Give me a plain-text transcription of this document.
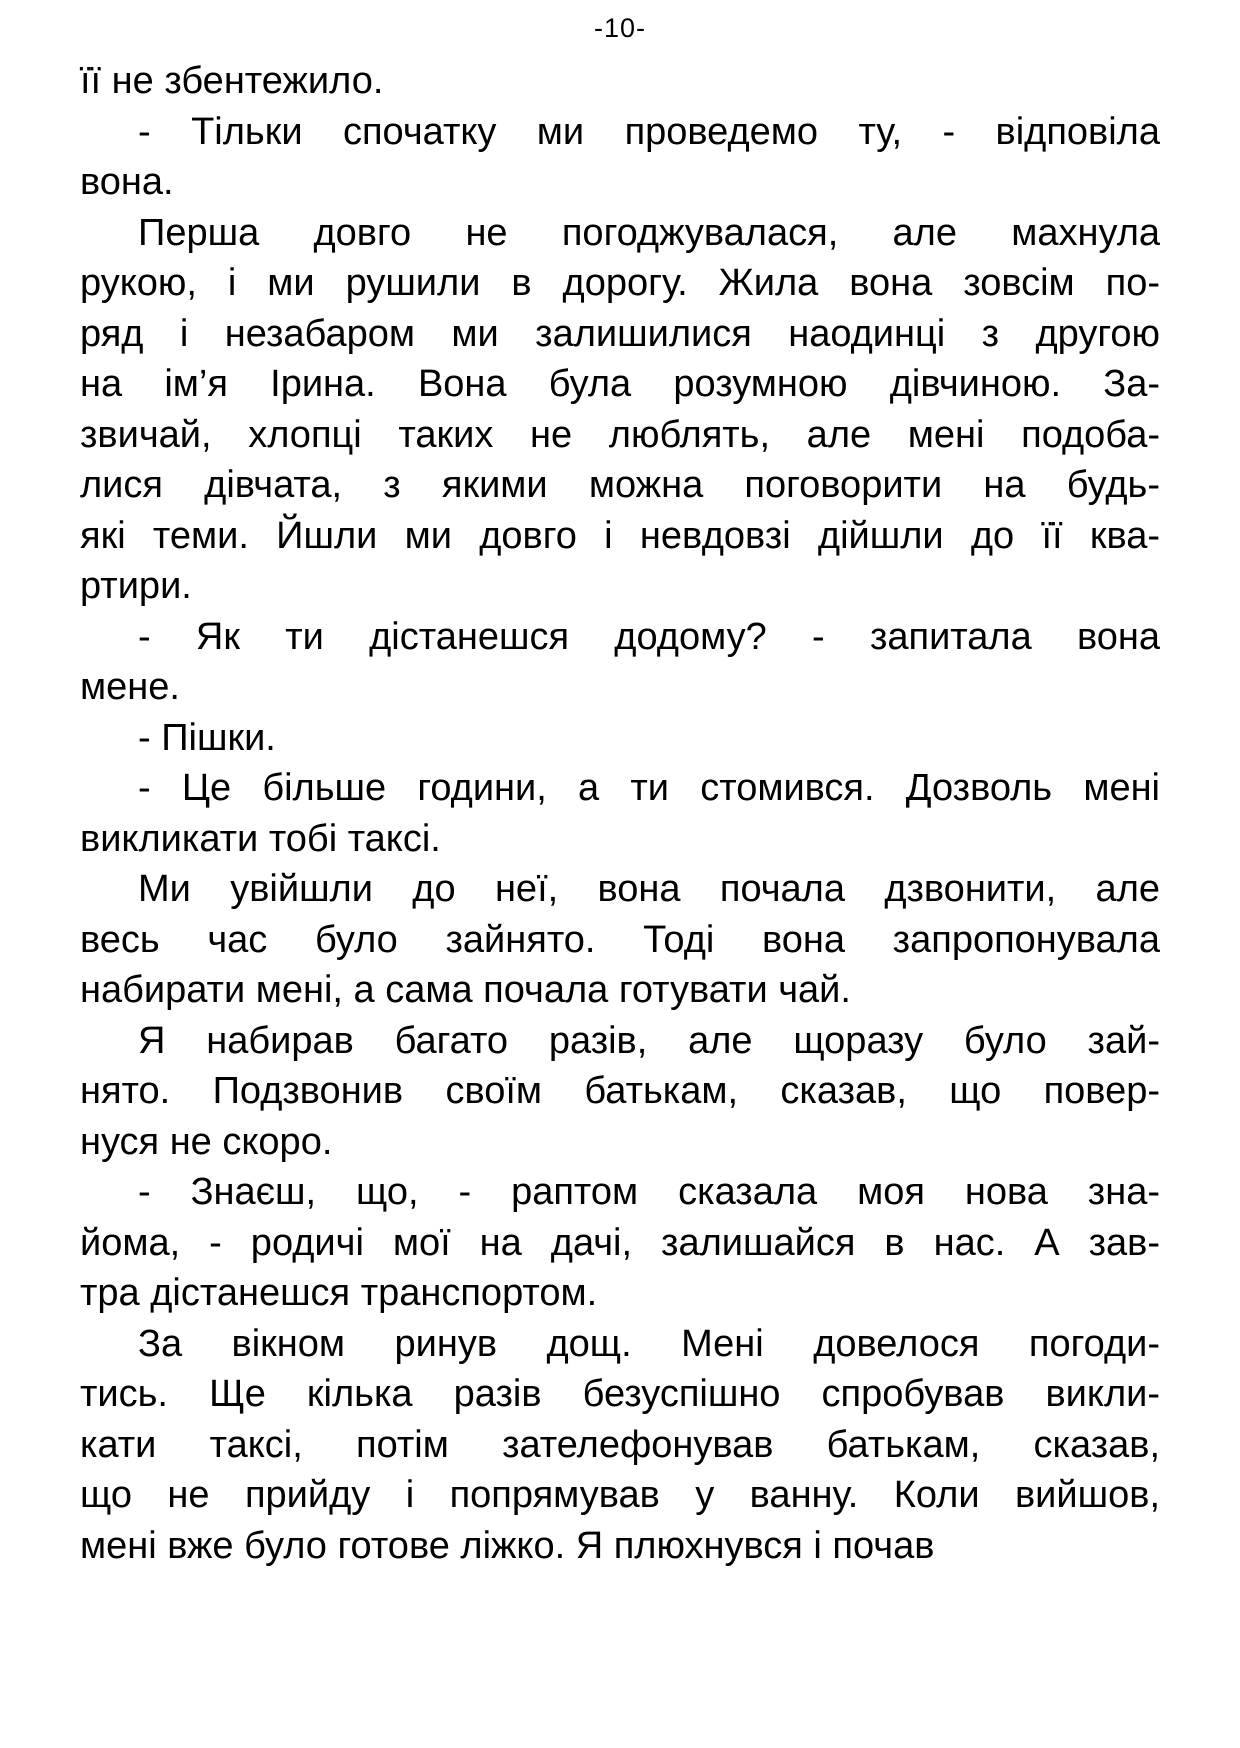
-10-
її не збентежило.
- Тільки спочатку ми проведемо ту, - відповіла
вона.
Перша довго не погоджувалася, але махнула
рукою, і ми рушили в дорогу. Жила вона зовсім по-
ряд і незабаром ми залишилися наодинці з другою
на ім’я Ірина. Вона була розумною дівчиною. За-
звичай, хлопці таких не люблять, але мені подоба-
лися дівчата, з якими можна поговорити на будь-
які теми. Йшли ми довго і невдовзі дійшли до її ква-
ртири.
- Як ти дістанешся додому? - запитала вона
мене.
- Пішки.
- Це більше години, а ти стомився. Дозволь мені
викликати тобі таксі.
Ми увійшли до неї, вона почала дзвонити, але
весь час було зайнято. Тоді вона запропонувала
набирати мені, а сама почала готувати чай.
Я набирав багато разів, але щоразу було зай-
нято. Подзвонив своїм батькам, сказав, що повер-
нуся не скоро.
- Знаєш, що, - раптом сказала моя нова зна-
йома, - родичі мої на дачі, залишайся в нас. А зав-
тра дістанешся транспортом.
За вікном ринув дощ. Мені довелося погоди-
тись. Ще кілька разів безуспішно спробував викли-
кати таксі, потім зателефонував батькам, сказав,
що не прийду і попрямував у ванну. Коли вийшов,
мені вже було готове ліжко. Я плюхнувся і почав
